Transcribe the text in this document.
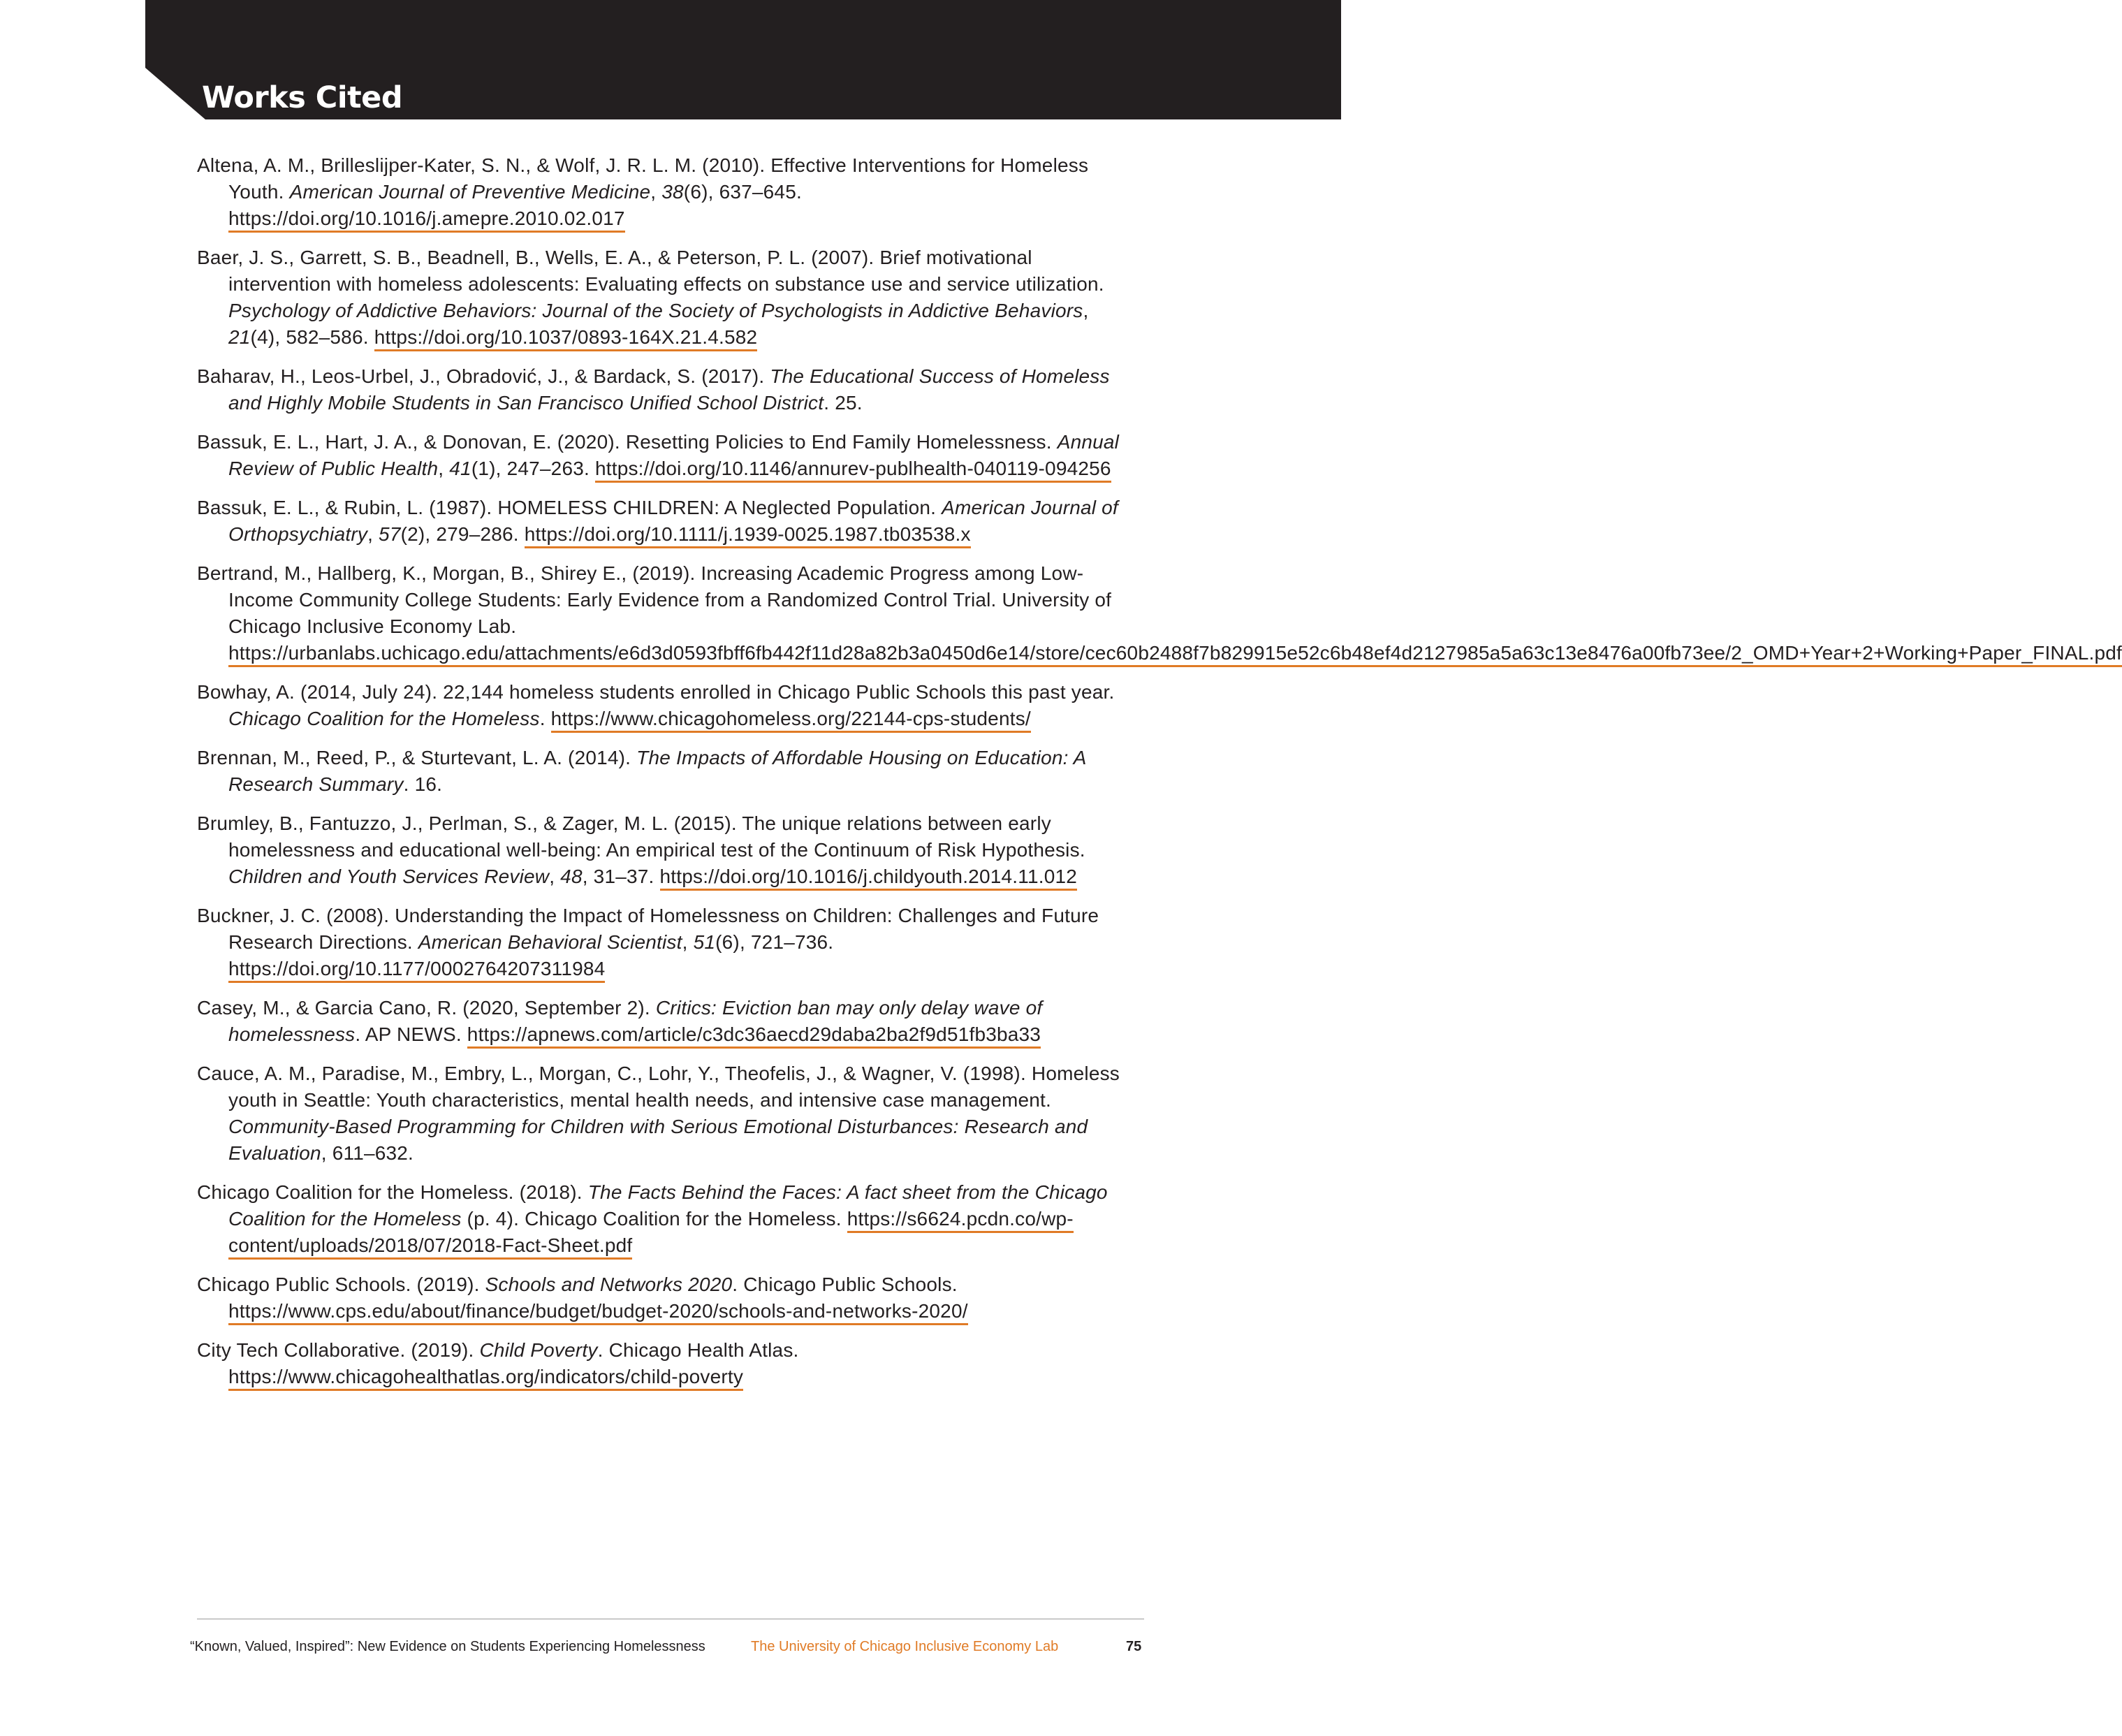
Works Cited

Altena, A. M., Brilleslijper-Kater, S. N., & Wolf, J. R. L. M. (2010). Effective Interventions for Homeless Youth. American Journal of Preventive Medicine, 38(6), 637–645. https://doi.org/10.1016/j.amepre.2010.02.017

Baer, J. S., Garrett, S. B., Beadnell, B., Wells, E. A., & Peterson, P. L. (2007). Brief motivational intervention with homeless adolescents: Evaluating effects on substance use and service utilization. Psychology of Addictive Behaviors: Journal of the Society of Psychologists in Addictive Behaviors, 21(4), 582–586. https://doi.org/10.1037/0893-164X.21.4.582

Baharav, H., Leos-Urbel, J., Obradović, J., & Bardack, S. (2017). The Educational Success of Homeless and Highly Mobile Students in San Francisco Unified School District. 25.

Bassuk, E. L., Hart, J. A., & Donovan, E. (2020). Resetting Policies to End Family Homelessness. Annual Review of Public Health, 41(1), 247–263. https://doi.org/10.1146/annurev-publhealth-040119-094256

Bassuk, E. L., & Rubin, L. (1987). HOMELESS CHILDREN: A Neglected Population. American Journal of Orthopsychiatry, 57(2), 279–286. https://doi.org/10.1111/j.1939-0025.1987.tb03538.x

Bertrand, M., Hallberg, K., Morgan, B., Shirey E., (2019). Increasing Academic Progress among Low-Income Community College Students: Early Evidence from a Randomized Control Trial. University of Chicago Inclusive Economy Lab. https://urbanlabs.uchicago.edu/attachments/e6d3d0593fbff6fb442f11d28a82b3a0450d6e14/store/cec60b2488f7b829915e52c6b48ef4d2127985a5a63c13e8476a00fb73ee/2_OMD+Year+2+Working+Paper_FINAL.pdf

Bowhay, A. (2014, July 24). 22,144 homeless students enrolled in Chicago Public Schools this past year. Chicago Coalition for the Homeless. https://www.chicagohomeless.org/22144-cps-students/

Brennan, M., Reed, P., & Sturtevant, L. A. (2014). The Impacts of Affordable Housing on Education: A Research Summary. 16.

Brumley, B., Fantuzzo, J., Perlman, S., & Zager, M. L. (2015). The unique relations between early homelessness and educational well-being: An empirical test of the Continuum of Risk Hypothesis. Children and Youth Services Review, 48, 31–37. https://doi.org/10.1016/j.childyouth.2014.11.012

Buckner, J. C. (2008). Understanding the Impact of Homelessness on Children: Challenges and Future Research Directions. American Behavioral Scientist, 51(6), 721–736. https://doi.org/10.1177/0002764207311984

Casey, M., & Garcia Cano, R. (2020, September 2). Critics: Eviction ban may only delay wave of homelessness. AP NEWS. https://apnews.com/article/c3dc36aecd29daba2ba2f9d51fb3ba33

Cauce, A. M., Paradise, M., Embry, L., Morgan, C., Lohr, Y., Theofelis, J., & Wagner, V. (1998). Homeless youth in Seattle: Youth characteristics, mental health needs, and intensive case management. Community-Based Programming for Children with Serious Emotional Disturbances: Research and Evaluation, 611–632.

Chicago Coalition for the Homeless. (2018). The Facts Behind the Faces: A fact sheet from the Chicago Coalition for the Homeless (p. 4). Chicago Coalition for the Homeless. https://s6624.pcdn.co/wp-content/uploads/2018/07/2018-Fact-Sheet.pdf

Chicago Public Schools. (2019). Schools and Networks 2020. Chicago Public Schools. https://www.cps.edu/about/finance/budget/budget-2020/schools-and-networks-2020/

City Tech Collaborative. (2019). Child Poverty. Chicago Health Atlas. https://www.chicagohealthatlas.org/indicators/child-poverty

“Known, Valued, Inspired”: New Evidence on Students Experiencing Homelessness	The University of Chicago Inclusive Economy Lab	75
